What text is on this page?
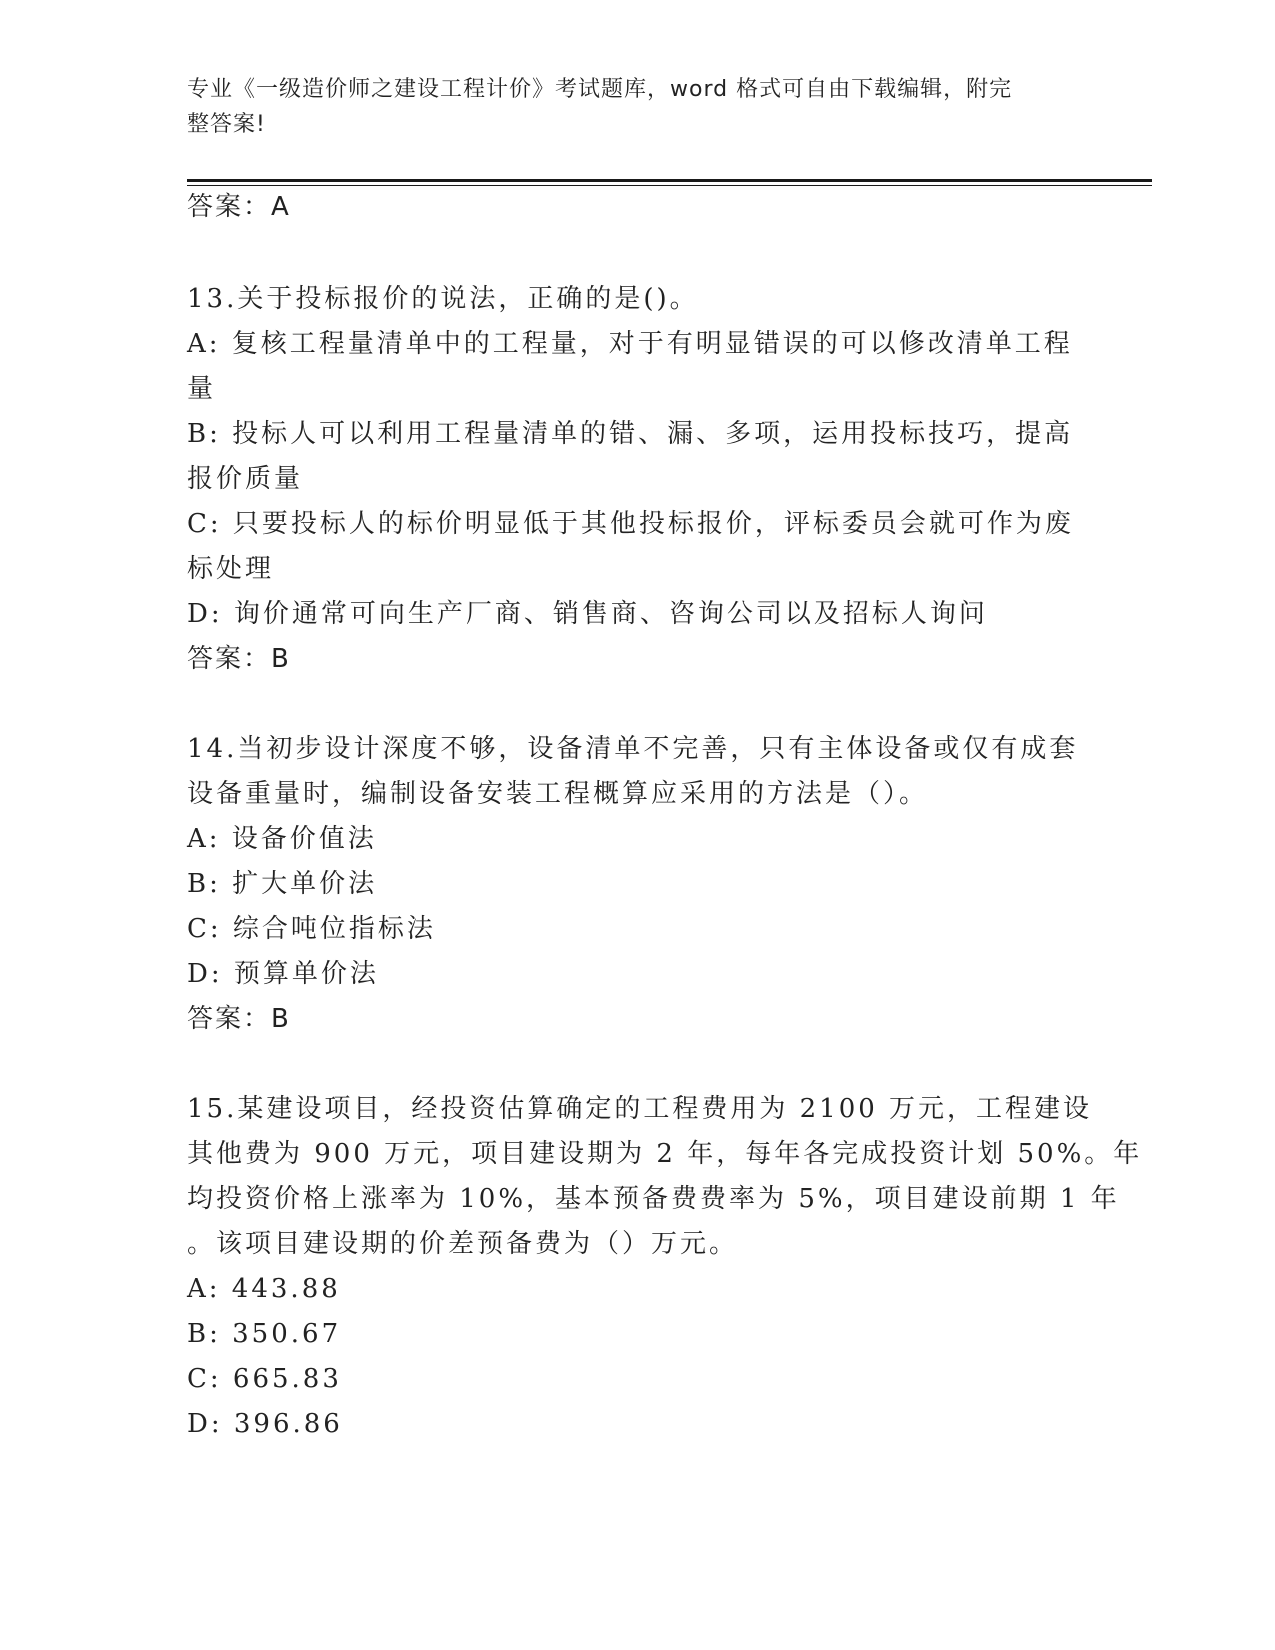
专业《一级造价师之建设工程计价》考试题库，word 格式可自由下载编辑，附完
整答案!
答案：A
13.关于投标报价的说法，正确的是()。
A: 复核工程量清单中的工程量，对于有明显错误的可以修改清单工程
量
B: 投标人可以利用工程量清单的错、漏、多项，运用投标技巧，提高
报价质量
C: 只要投标人的标价明显低于其他投标报价，评标委员会就可作为废
标处理
D: 询价通常可向生产厂商、销售商、咨询公司以及招标人询问
答案：B
14.当初步设计深度不够，设备清单不完善，只有主体设备或仅有成套
设备重量时，编制设备安装工程概算应采用的方法是（）。
A: 设备价值法
B: 扩大单价法
C: 综合吨位指标法
D: 预算单价法
答案：B
15.某建设项目，经投资估算确定的工程费用为 2100 万元，工程建设
其他费为 900 万元，项目建设期为 2 年，每年各完成投资计划 50%。年
均投资价格上涨率为 10%，基本预备费费率为 5%，项目建设前期 1 年
。该项目建设期的价差预备费为（）万元。
A: 443.88
B: 350.67
C: 665.83
D: 396.86
